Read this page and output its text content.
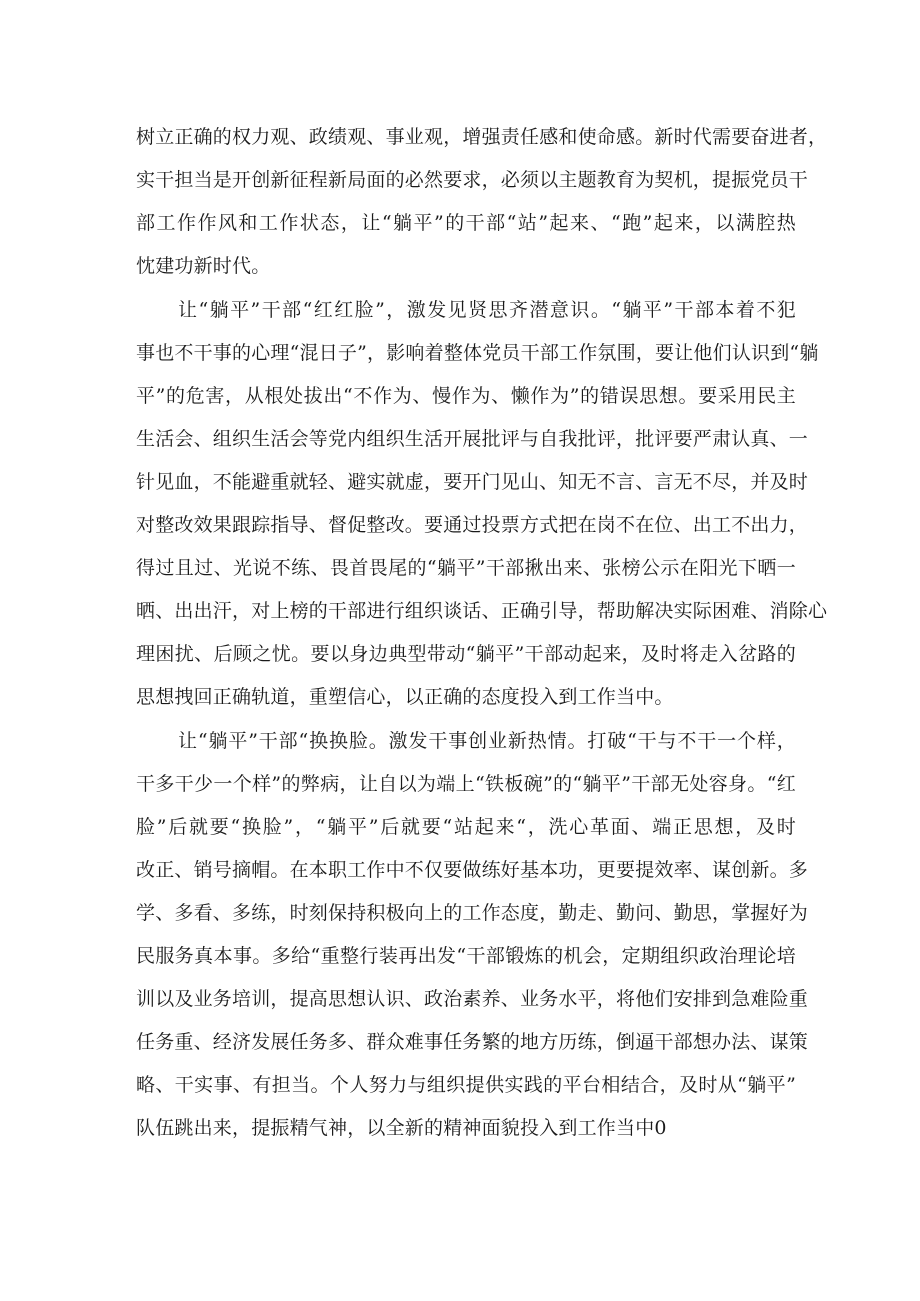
树立正确的权力观、政绩观、事业观，增强责任感和使命感。新时代需要奋进者，
实干担当是开创新征程新局面的必然要求，必须以主题教育为契机，提振党员干
部工作作风和工作状态，让“躺平”的干部“站”起来、“跑”起来，以满腔热
忱建功新时代。
让“躺平”干部“红红脸”，激发见贤思齐潜意识。“躺平”干部本着不犯
事也不干事的心理“混日子”，影响着整体党员干部工作氛围，要让他们认识到“躺
平”的危害，从根处拔出“不作为、慢作为、懒作为”的错误思想。要采用民主
生活会、组织生活会等党内组织生活开展批评与自我批评，批评要严肃认真、一
针见血，不能避重就轻、避实就虚，要开门见山、知无不言、言无不尽，并及时
对整改效果跟踪指导、督促整改。要通过投票方式把在岗不在位、出工不出力，
得过且过、光说不练、畏首畏尾的“躺平”干部揪出来、张榜公示在阳光下晒一
晒、出出汗，对上榜的干部进行组织谈话、正确引导，帮助解决实际困难、消除心
理困扰、后顾之忧。要以身边典型带动“躺平”干部动起来，及时将走入岔路的
思想拽回正确轨道，重塑信心，以正确的态度投入到工作当中。
让“躺平”干部“换换脸。激发干事创业新热情。打破“干与不干一个样，
干多干少一个样”的弊病，让自以为端上“铁板碗”的“躺平”干部无处容身。“红
脸”后就要“换脸”，“躺平”后就要“站起来“，洗心革面、端正思想，及时
改正、销号摘帽。在本职工作中不仅要做练好基本功，更要提效率、谋创新。多
学、多看、多练，时刻保持积极向上的工作态度，勤走、勤问、勤思，掌握好为
民服务真本事。多给“重整行装再出发“干部锻炼的机会，定期组织政治理论培
训以及业务培训，提高思想认识、政治素养、业务水平，将他们安排到急难险重
任务重、经济发展任务多、群众难事任务繁的地方历练，倒逼干部想办法、谋策
略、干实事、有担当。个人努力与组织提供实践的平台相结合，及时从“躺平”
队伍跳出来，提振精气神，以全新的精神面貌投入到工作当中0
